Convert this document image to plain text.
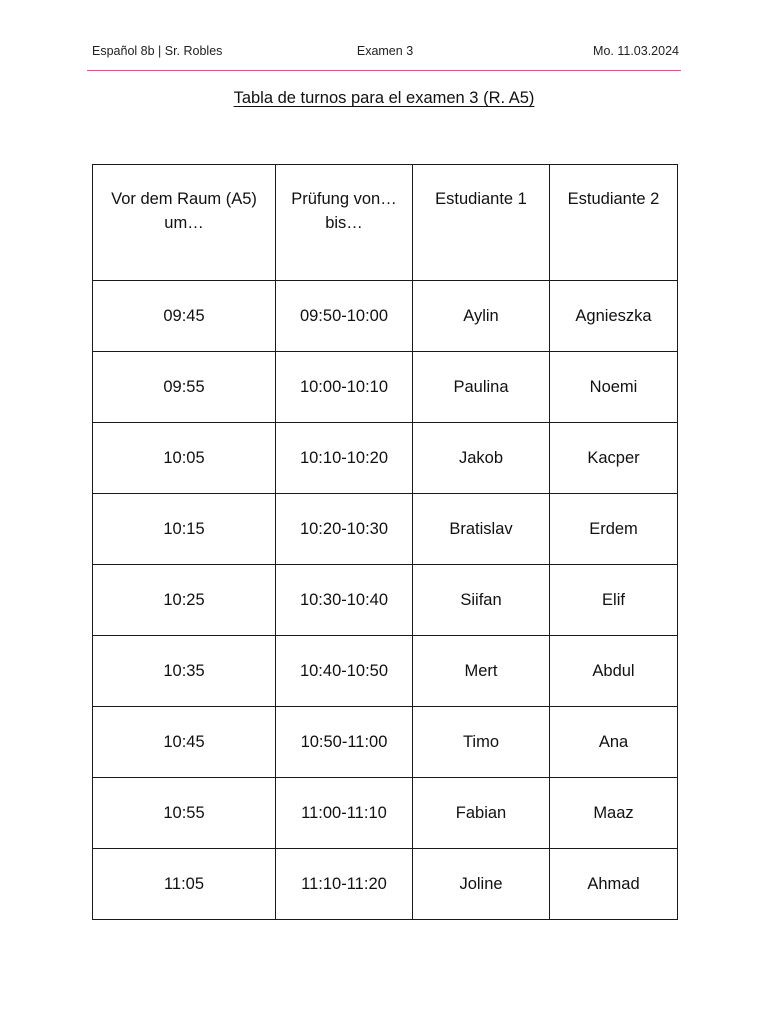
Español 8b | Sr. Robles	Examen 3	Mo. 11.03.2024
Tabla de turnos para el examen 3 (R. A5)
Vor dem Raum (A5) um…	Prüfung von… bis…	Estudiante 1	Estudiante 2
09:45	09:50-10:00	Aylin	Agnieszka
09:55	10:00-10:10	Paulina	Noemi
10:05	10:10-10:20	Jakob	Kacper
10:15	10:20-10:30	Bratislav	Erdem
10:25	10:30-10:40	Siifan	Elif
10:35	10:40-10:50	Mert	Abdul
10:45	10:50-11:00	Timo	Ana
10:55	11:00-11:10	Fabian	Maaz
11:05	11:10-11:20	Joline	Ahmad
